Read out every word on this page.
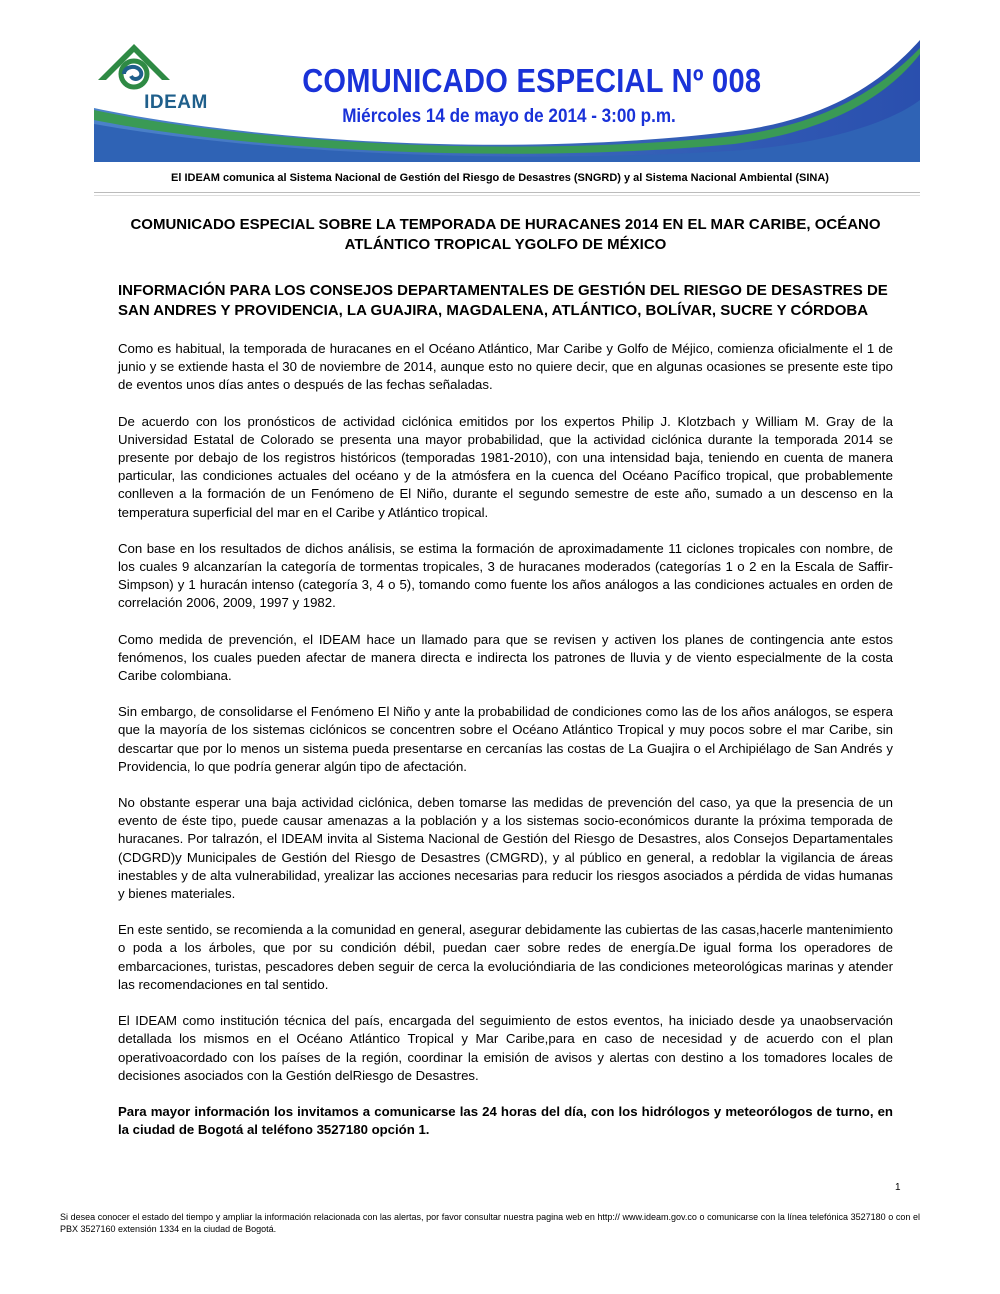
IDEAM
COMUNICADO ESPECIAL Nº 008
Miércoles 14 de mayo de 2014 - 3:00 p.m.
El IDEAM comunica al Sistema Nacional de Gestión del Riesgo de Desastres (SNGRD) y al Sistema Nacional Ambiental (SINA)
COMUNICADO ESPECIAL SOBRE LA TEMPORADA DE HURACANES 2014 EN EL MAR CARIBE, OCÉANO ATLÁNTICO TROPICAL YGOLFO DE MÉXICO
INFORMACIÓN PARA LOS CONSEJOS DEPARTAMENTALES DE GESTIÓN DEL RIESGO DE DESASTRES DE SAN ANDRES Y PROVIDENCIA, LA GUAJIRA, MAGDALENA, ATLÁNTICO, BOLÍVAR, SUCRE Y CÓRDOBA

Como es habitual, la temporada de huracanes en el Océano Atlántico, Mar Caribe y Golfo de Méjico, comienza oficialmente el 1 de junio y se extiende hasta el 30 de noviembre de 2014, aunque esto no quiere decir, que en algunas ocasiones se presente este tipo de eventos unos días antes o después de las fechas señaladas.

De acuerdo con los pronósticos de actividad ciclónica emitidos por los expertos Philip J. Klotzbach y William M. Gray de la Universidad Estatal de Colorado se presenta una mayor probabilidad, que la actividad ciclónica durante la temporada 2014 se presente por debajo de los registros históricos (temporadas 1981-2010), con una intensidad baja, teniendo en cuenta de manera particular, las condiciones actuales del océano y de la atmósfera en la cuenca del Océano Pacífico tropical, que probablemente conlleven a la formación de un Fenómeno de El Niño, durante el segundo semestre de este año, sumado a un descenso en la temperatura superficial del mar en el Caribe y Atlántico tropical.

Con base en los resultados de dichos análisis, se estima la formación de aproximadamente 11 ciclones tropicales con nombre, de los cuales 9 alcanzarían la categoría de tormentas tropicales, 3 de huracanes moderados (categorías 1 o 2 en la Escala de Saffir-Simpson) y 1 huracán intenso (categoría 3, 4 o 5), tomando como fuente los años análogos a las condiciones actuales en orden de correlación 2006, 2009, 1997 y 1982.

Como medida de prevención, el IDEAM hace un llamado para que se revisen y activen los planes de contingencia ante estos fenómenos, los cuales pueden afectar de manera directa e indirecta los patrones de lluvia y de viento especialmente de la costa Caribe colombiana.

Sin embargo, de consolidarse el Fenómeno El Niño y ante la probabilidad de condiciones como las de los años análogos, se espera que la mayoría de los sistemas ciclónicos se concentren sobre el Océano Atlántico Tropical y muy pocos sobre el mar Caribe, sin descartar que por lo menos un sistema pueda presentarse en cercanías las costas de La Guajira o el Archipiélago de San Andrés y Providencia, lo que podría generar algún tipo de afectación.

No obstante esperar una baja actividad ciclónica, deben tomarse las medidas de prevención del caso, ya que la presencia de un evento de éste tipo, puede causar amenazas a la población y a los sistemas socio-económicos durante la próxima temporada de huracanes. Por talrazón, el IDEAM invita al Sistema Nacional de Gestión del Riesgo de Desastres, alos Consejos Departamentales (CDGRD)y Municipales de Gestión del Riesgo de Desastres (CMGRD), y al público en general, a redoblar la vigilancia de áreas inestables y de alta vulnerabilidad, yrealizar las acciones necesarias para reducir los riesgos asociados a pérdida de vidas humanas y bienes materiales.

En este sentido, se recomienda a la comunidad en general, asegurar debidamente las cubiertas de las casas,hacerle mantenimiento o poda a los árboles, que por su condición débil, puedan caer sobre redes de energía.De igual forma los operadores de embarcaciones, turistas, pescadores deben seguir de cerca la evoluciόndiaria de las condiciones meteorológicas marinas y atender las recomendaciones en tal sentido.

El IDEAM como institución técnica del país, encargada del seguimiento de estos eventos, ha iniciado desde ya unaobservación detallada los mismos en el Océano Atlántico Tropical y Mar Caribe,para en caso de necesidad y de acuerdo con el plan operativoacordado con los países de la región, coordinar la emisión de avisos y alertas con destino a los tomadores locales de decisiones asociados con la Gestión delRiesgo de Desastres.

Para mayor información los invitamos a comunicarse las 24 horas del día, con los hidrólogos y meteorólogos de turno, en la ciudad de Bogotá al teléfono 3527180 opción 1.

1
Si desea conocer el estado del tiempo y ampliar la información relacionada con las alertas, por favor consultar nuestra pagina web en http:// www.ideam.gov.co o comunicarse con la línea telefónica 3527180 o con el PBX 3527160 extensión 1334 en la ciudad de Bogotá.
